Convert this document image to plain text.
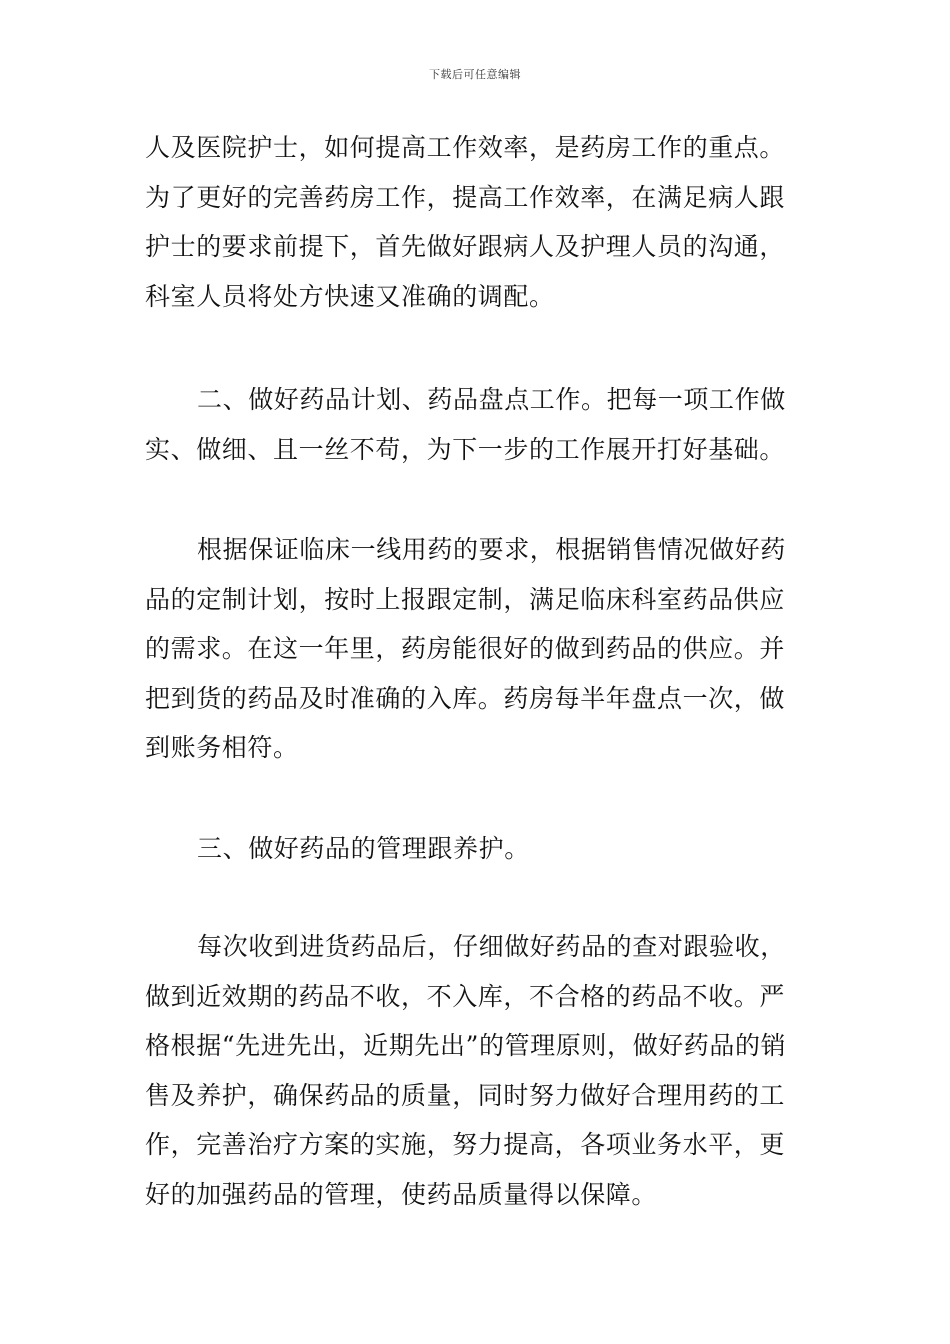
下载后可任意编辑

人及医院护士，如何提高工作效率，是药房工作的重点。为了更好的完善药房工作，提高工作效率，在满足病人跟护士的要求前提下，首先做好跟病人及护理人员的沟通，科室人员将处方快速又准确的调配。

二、做好药品计划、药品盘点工作。把每一项工作做实、做细、且一丝不苟，为下一步的工作展开打好基础。

根据保证临床一线用药的要求，根据销售情况做好药品的定制计划，按时上报跟定制，满足临床科室药品供应的需求。在这一年里，药房能很好的做到药品的供应。并把到货的药品及时准确的入库。药房每半年盘点一次，做到账务相符。

三、做好药品的管理跟养护。

每次收到进货药品后，仔细做好药品的查对跟验收，做到近效期的药品不收，不入库，不合格的药品不收。严格根据“先进先出，近期先出”的管理原则，做好药品的销售及养护，确保药品的质量，同时努力做好合理用药的工作，完善治疗方案的实施，努力提高，各项业务水平，更好的加强药品的管理，使药品质量得以保障。
